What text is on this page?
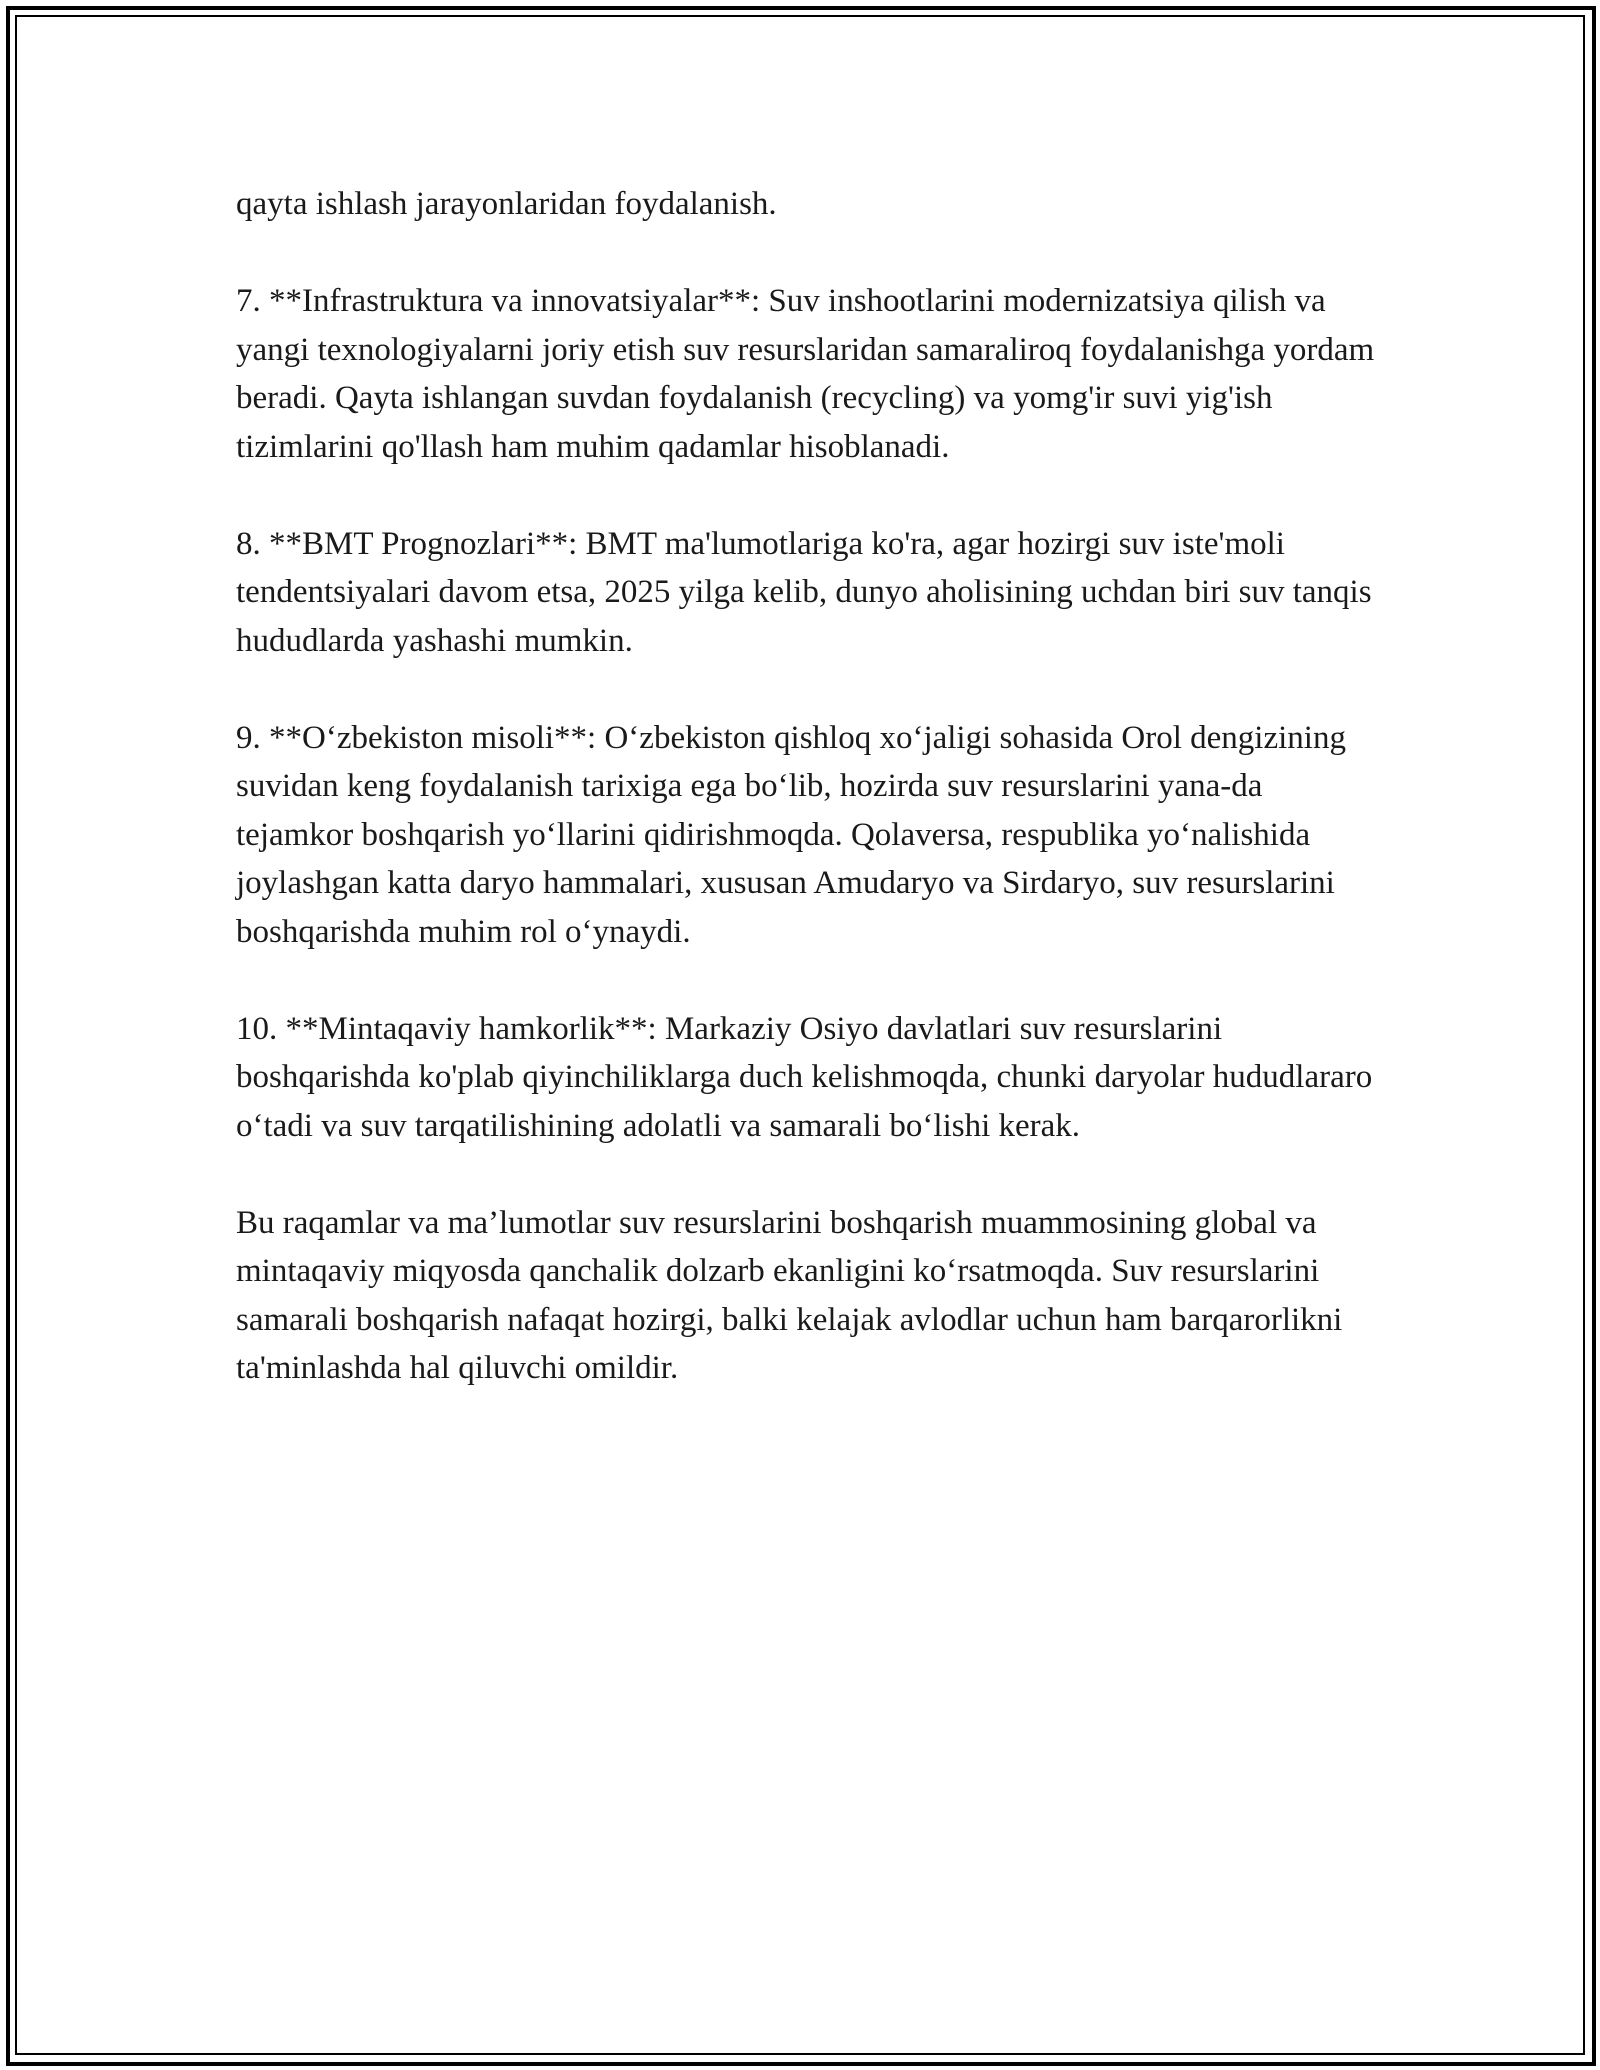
qayta ishlash jarayonlaridan foydalanish.

7. **Infrastruktura va innovatsiyalar**: Suv inshootlarini modernizatsiya qilish va yangi texnologiyalarni joriy etish suv resurslaridan samaraliroq foydalanishga yordam beradi. Qayta ishlangan suvdan foydalanish (recycling) va yomg'ir suvi yig'ish tizimlarini qo'llash ham muhim qadamlar hisoblanadi.

8. **BMT Prognozlari**: BMT ma'lumotlariga ko'ra, agar hozirgi suv iste'moli tendentsiyalari davom etsa, 2025 yilga kelib, dunyo aholisining uchdan biri suv tanqis hududlarda yashashi mumkin.

9. **Oʻzbekiston misoli**: Oʻzbekiston qishloq xoʻjaligi sohasida Orol dengizining suvidan keng foydalanish tarixiga ega boʻlib, hozirda suv resurslarini yana-da tejamkor boshqarish yoʻllarini qidirishmoqda. Qolaversa, respublika yoʻnalishida joylashgan katta daryo hammalari, xususan Amudaryo va Sirdaryo, suv resurslarini boshqarishda muhim rol oʻynaydi.

10. **Mintaqaviy hamkorlik**: Markaziy Osiyo davlatlari suv resurslarini boshqarishda ko'plab qiyinchiliklarga duch kelishmoqda, chunki daryolar hududlararo oʻtadi va suv tarqatilishining adolatli va samarali boʻlishi kerak.

Bu raqamlar va ma’lumotlar suv resurslarini boshqarish muammosining global va mintaqaviy miqyosda qanchalik dolzarb ekanligini koʻrsatmoqda. Suv resurslarini samarali boshqarish nafaqat hozirgi, balki kelajak avlodlar uchun ham barqarorlikni ta'minlashda hal qiluvchi omildir.
